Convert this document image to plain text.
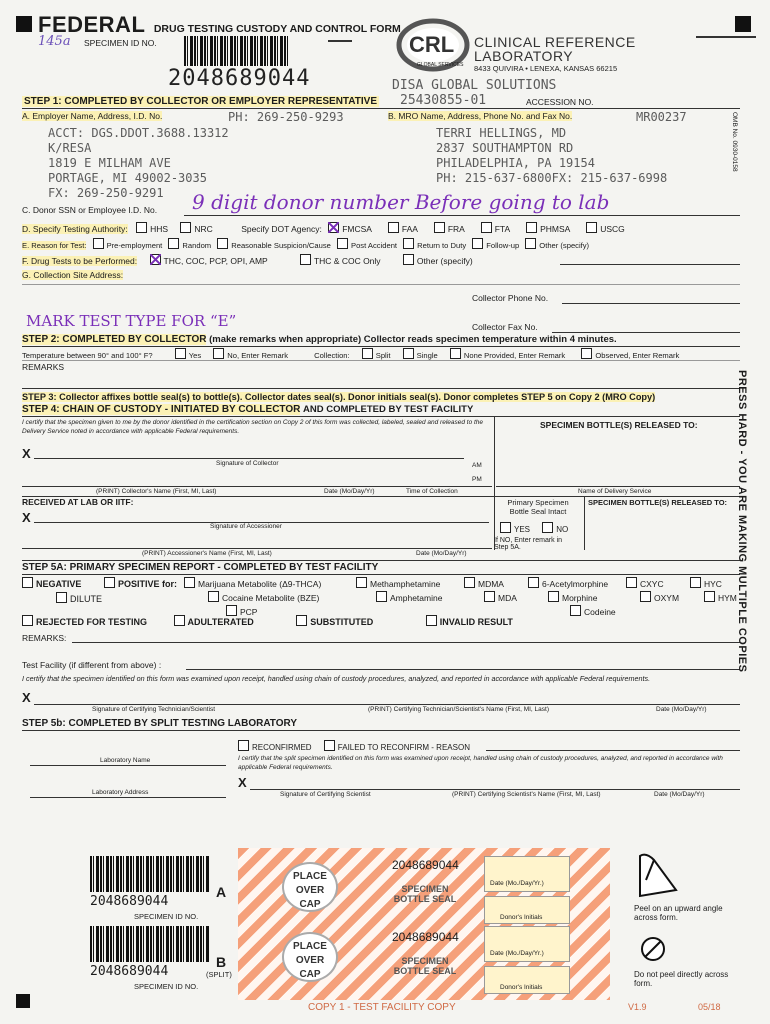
FEDERAL DRUG TESTING CUSTODY AND CONTROL FORM
145a SPECIMEN ID NO.
2048689044
CRL
GLOBAL SERVICES
CLINICAL REFERENCE
LABORATORY
8433 QUIVIRA • LENEXA, KANSAS 66215
DISA GLOBAL SOLUTIONS
25430855-01	ACCESSION NO.
OMB No. 0930-0158
STEP 1: COMPLETED BY COLLECTOR OR EMPLOYER REPRESENTATIVE
A. Employer Name, Address, I.D. No.	PH: 269-250-9293
ACCT: DGS.DDOT.3688.13312
K/RESA
1819 E MILHAM AVE
PORTAGE, MI 49002-3035
FX: 269-250-9291
B. MRO Name, Address, Phone No. and Fax No.	MR00237
TERRI HELLINGS, MD
2837 SOUTHAMPTON RD
PHILADELPHIA, PA 19154
PH: 215-637-6800FX: 215-637-6998
C. Donor SSN or Employee I.D. No. 9 digit donor number Before going to lab
D. Specify Testing Authority:	HHS	NRC	Specify DOT Agency: FMCSA	FAA	FRA	FTA	PHMSA	USCG
E. Reason for Test:	Pre-employment	Random	Reasonable Suspicion/Cause	Post Accident	Return to Duty	Follow-up	Other (specify)
F. Drug Tests to be Performed:	THC, COC, PCP, OPI, AMP	THC & COC Only	Other (specify)
G. Collection Site Address:
Collector Phone No.
MARK TEST TYPE FOR “E”	Collector Fax No.
STEP 2: COMPLETED BY COLLECTOR (make remarks when appropriate) Collector reads specimen temperature within 4 minutes.
Temperature between 90° and 100° F?	Yes	No, Enter Remark	Collection:	Split	Single	None Provided, Enter Remark	Observed, Enter Remark
REMARKS
STEP 3: Collector affixes bottle seal(s) to bottle(s). Collector dates seal(s). Donor initials seal(s). Donor completes STEP 5 on Copy 2 (MRO Copy)
STEP 4: CHAIN OF CUSTODY - INITIATED BY COLLECTOR AND COMPLETED BY TEST FACILITY
I certify that the specimen given to me by the donor identified in the certification section on Copy 2 of this form was collected, labeled, sealed and released to the Delivery Service noted in accordance with applicable Federal requirements.
SPECIMEN BOTTLE(S) RELEASED TO:
X
Signature of Collector	AM
PM
(PRINT) Collector's Name (First, MI, Last)	Date (Mo/Day/Yr)	Time of Collection	Name of Delivery Service
RECEIVED AT LAB OR IITF:
X
Signature of Accessioner
Primary Specimen Bottle Seal Intact
YES	NO
If NO, Enter remark in Step 5A.
SPECIMEN BOTTLE(S) RELEASED TO:
(PRINT) Accessioner's Name (First, MI, Last)	Date (Mo/Day/Yr)
STEP 5A: PRIMARY SPECIMEN REPORT - COMPLETED BY TEST FACILITY
NEGATIVE	POSITIVE for:
DILUTE
Marijuana Metabolite (Δ9-THCA)
Cocaine Metabolite (BZE)
PCP
Methamphetamine
Amphetamine
MDMA
MDA
6-Acetylmorphine
Morphine
Codeine
CXYC
OXYM
HYC
HYM
REJECTED FOR TESTING	ADULTERATED	SUBSTITUTED	INVALID RESULT
REMARKS:
Test Facility (if different from above) :
I certify that the specimen identified on this form was examined upon receipt, handled using chain of custody procedures, analyzed, and reported in accordance with applicable Federal requirements.
X
Signature of Certifying Technician/Scientist	(PRINT) Certifying Technician/Scientist's Name (First, MI, Last)	Date (Mo/Day/Yr)
STEP 5b: COMPLETED BY SPLIT TESTING LABORATORY
Laboratory Name
Laboratory Address
RECONFIRMED	FAILED TO RECONFIRM - REASON
I certify that the split specimen identified on this form was examined upon receipt, handled using chain of custody procedures, analyzed, and reported in accordance with applicable Federal requirements.
X
Signature of Certifying Scientist	(PRINT) Certifying Scientist's Name (First, MI, Last)	Date (Mo/Day/Yr)
PRESS HARD - YOU ARE MAKING MULTIPLE COPIES
2048689044
A
SPECIMEN ID NO.
2048689044
B
(SPLIT)
SPECIMEN ID NO.
PLACE OVER CAP
PLACE OVER CAP
2048689044
SPECIMEN BOTTLE SEAL
2048689044
SPECIMEN BOTTLE SEAL
Date (Mo./Day/Yr.)
Donor's Initials
Date (Mo./Day/Yr.)
Donor's Initials
Peel on an upward angle across form.
Do not peel directly across form.
COPY 1 - TEST FACILITY COPY	V1.9	05/18
